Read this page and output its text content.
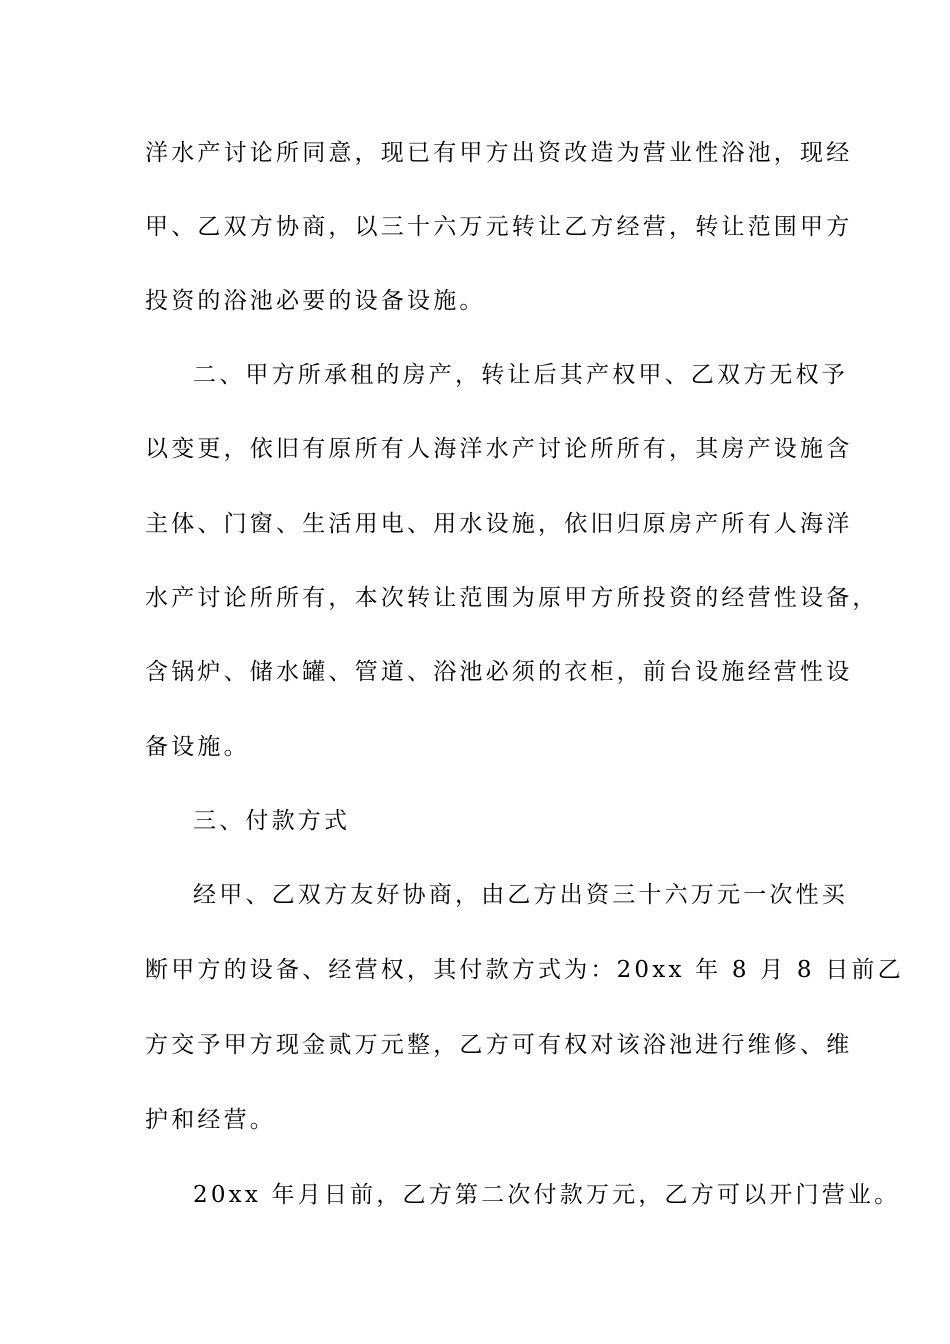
洋水产讨论所同意，现已有甲方出资改造为营业性浴池，现经
甲、乙双方协商，以三十六万元转让乙方经营，转让范围甲方
投资的浴池必要的设备设施。
二、甲方所承租的房产，转让后其产权甲、乙双方无权予
以变更，依旧有原所有人海洋水产讨论所所有，其房产设施含
主体、门窗、生活用电、用水设施，依旧归原房产所有人海洋
水产讨论所所有，本次转让范围为原甲方所投资的经营性设备，
含锅炉、储水罐、管道、浴池必须的衣柜，前台设施经营性设
备设施。
三、付款方式
经甲、乙双方友好协商，由乙方出资三十六万元一次性买
断甲方的设备、经营权，其付款方式为：20xx 年 8 月 8 日前乙
方交予甲方现金贰万元整，乙方可有权对该浴池进行维修、维
护和经营。
20xx 年月日前，乙方第二次付款万元，乙方可以开门营业。
